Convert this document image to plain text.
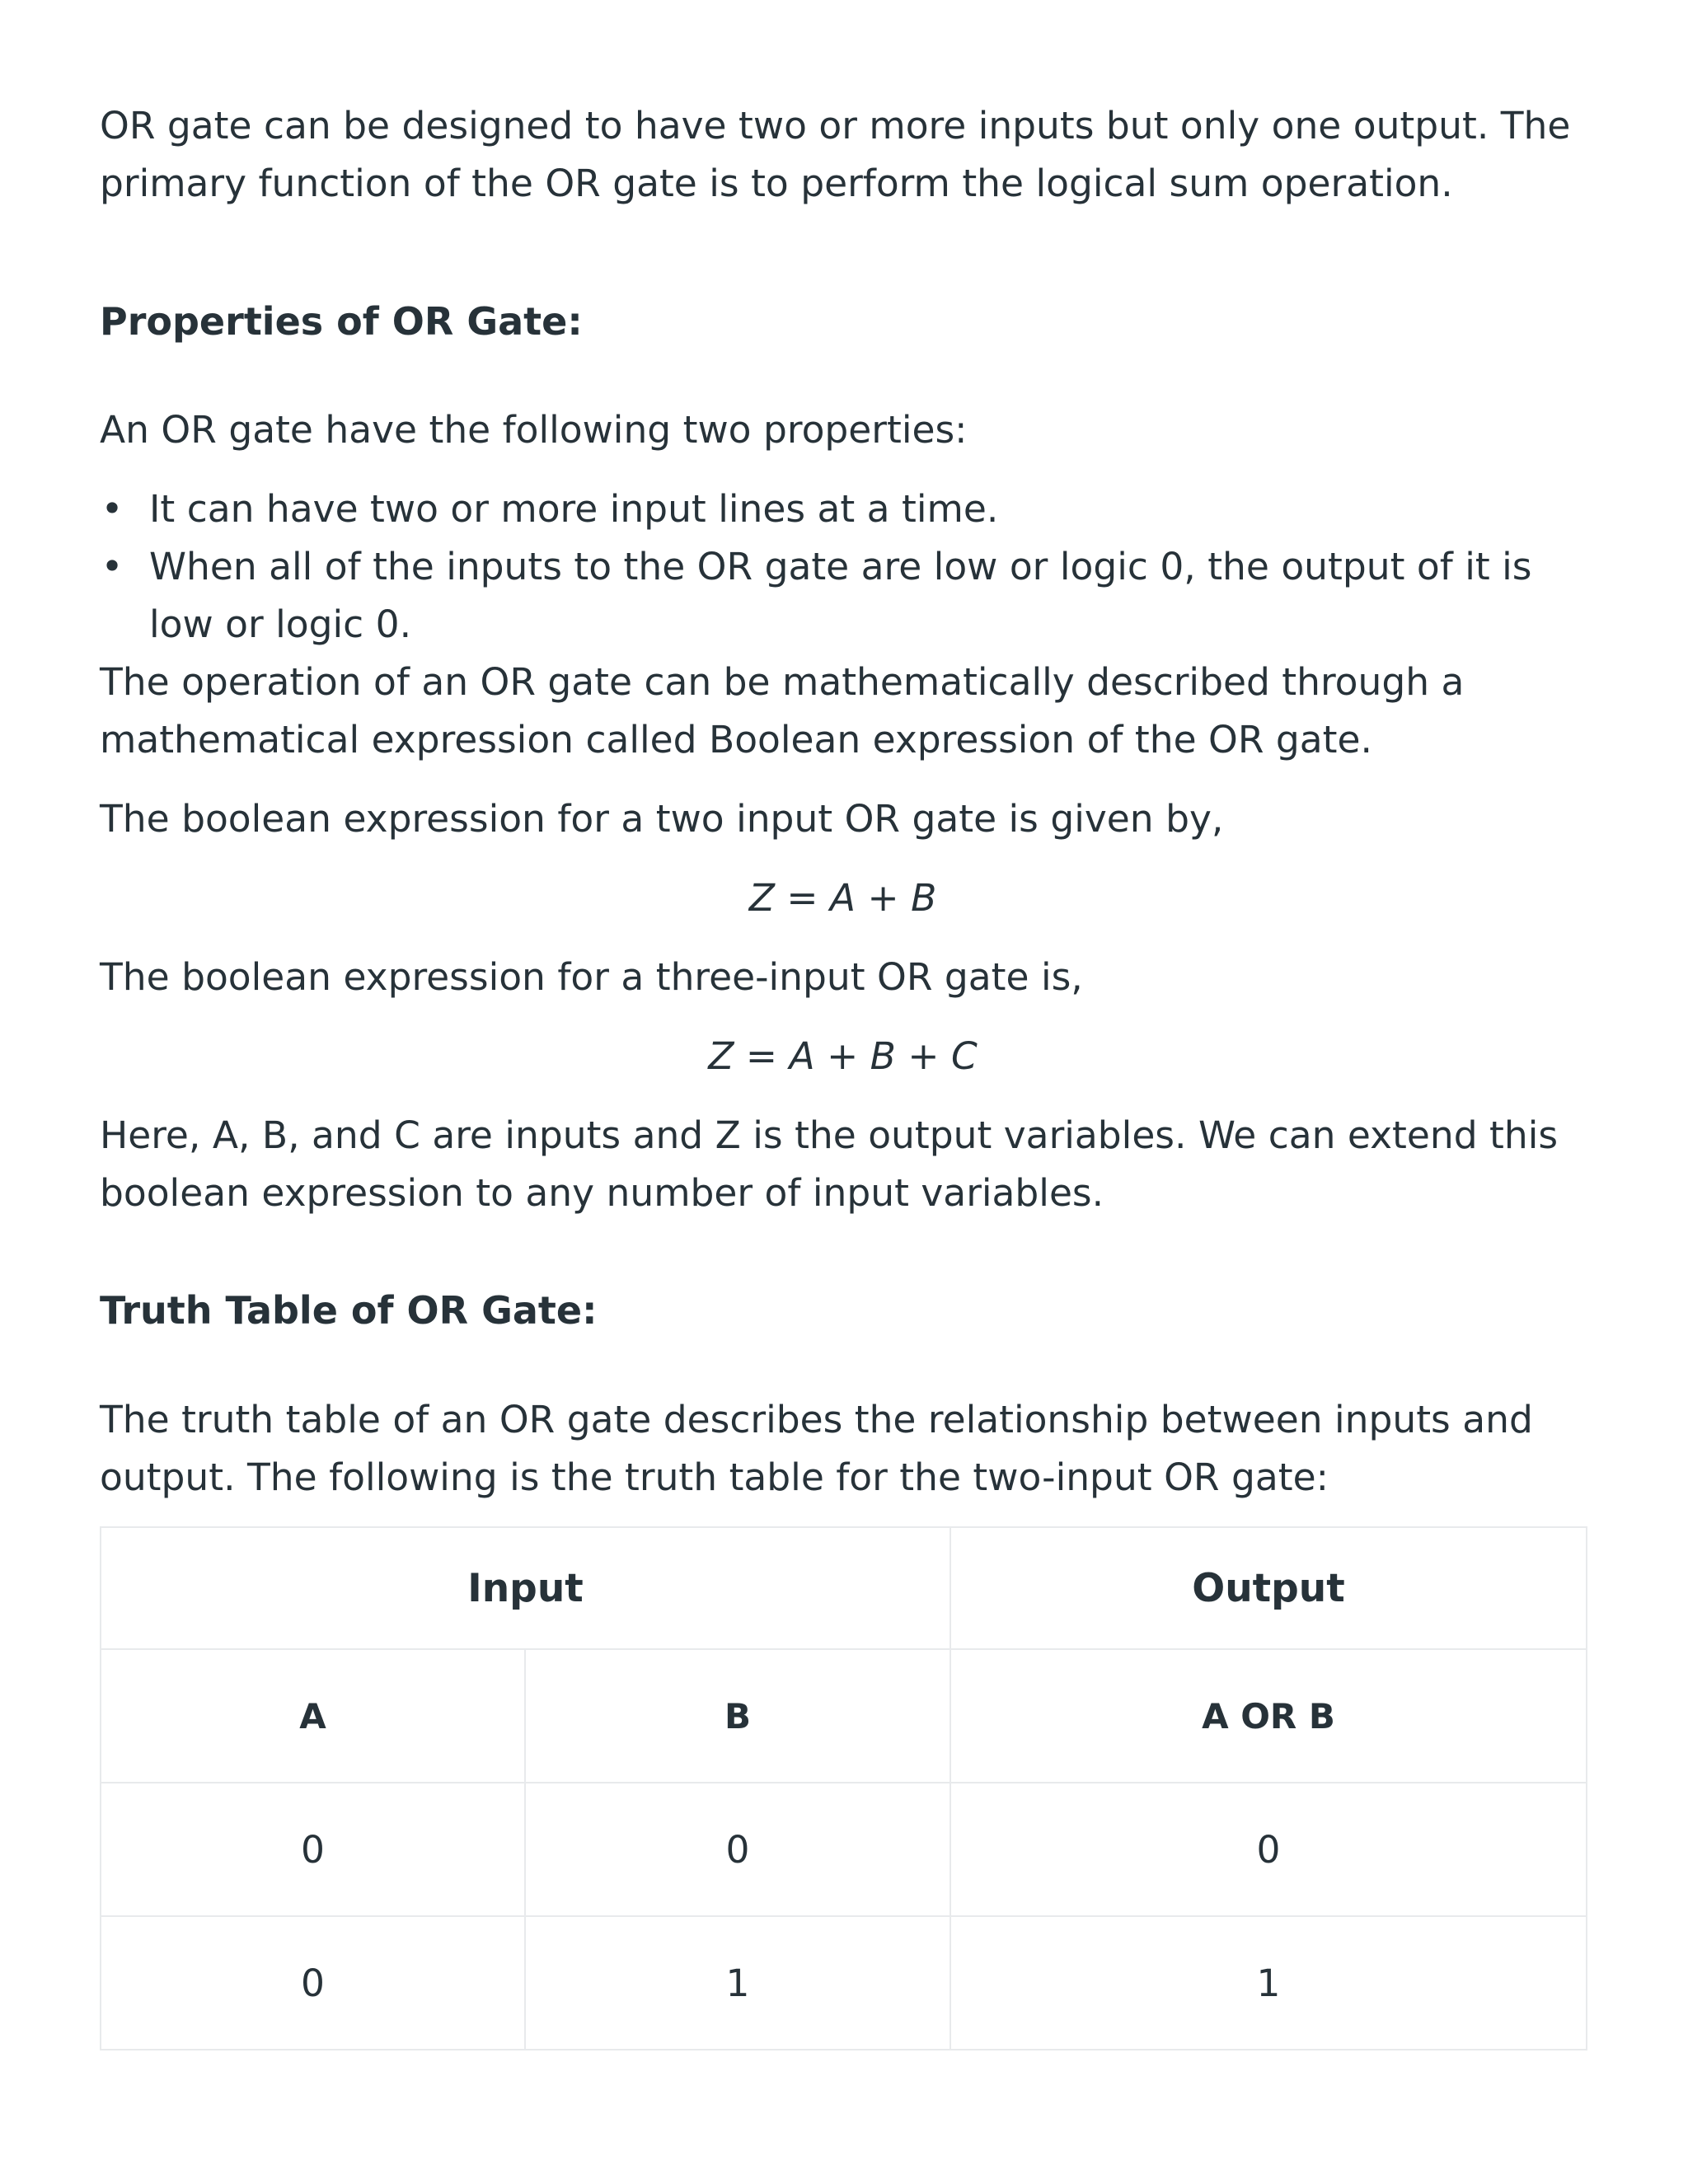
OR gate can be designed to have two or more inputs but only one output. The primary function of the OR gate is to perform the logical sum operation.

Properties of OR Gate:

An OR gate have the following two properties:

• It can have two or more input lines at a time.
• When all of the inputs to the OR gate are low or logic 0, the output of it is low or logic 0.

The operation of an OR gate can be mathematically described through a mathematical expression called Boolean expression of the OR gate.

The boolean expression for a two input OR gate is given by,

Z = A + B

The boolean expression for a three-input OR gate is,

Z = A + B + C

Here, A, B, and C are inputs and Z is the output variables. We can extend this boolean expression to any number of input variables.

Truth Table of OR Gate:

The truth table of an OR gate describes the relationship between inputs and output. The following is the truth table for the two-input OR gate:

Input		Output
A	B	A OR B
0	0	0
0	1	1
